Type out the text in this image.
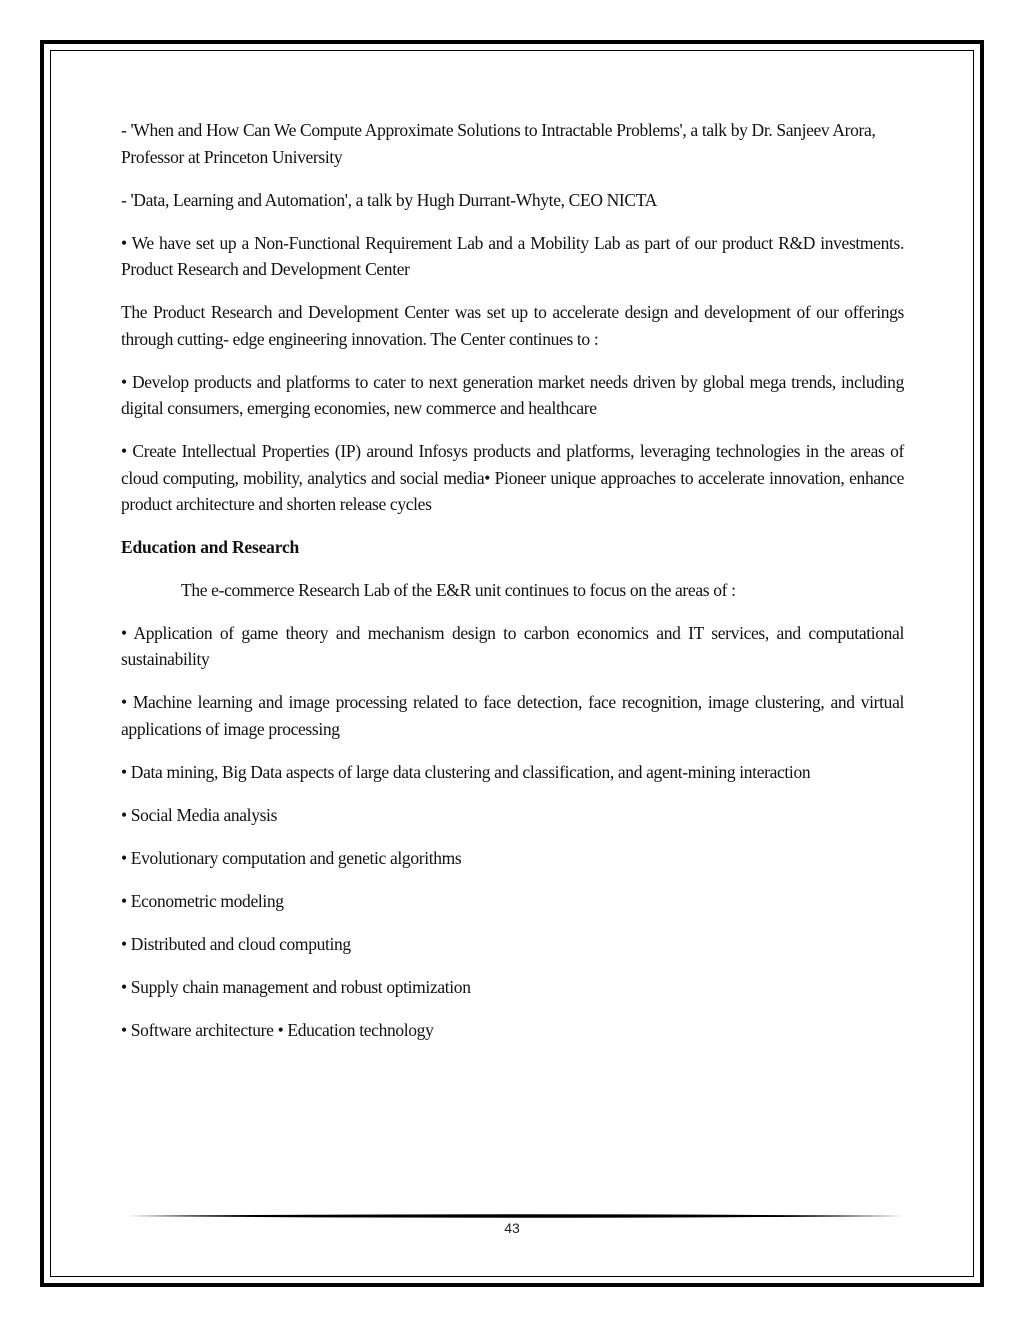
- 'When and How Can We Compute Approximate Solutions to Intractable Problems', a talk by Dr. Sanjeev Arora, Professor at Princeton University

- 'Data, Learning and Automation', a talk by Hugh Durrant-Whyte, CEO NICTA

• We have set up a Non-Functional Requirement Lab and a Mobility Lab as part of our product R&D investments. Product Research and Development Center

The Product Research and Development Center was set up to accelerate design and development of our offerings through cutting- edge engineering innovation. The Center continues to :

• Develop products and platforms to cater to next generation market needs driven by global mega trends, including digital consumers, emerging economies, new commerce and healthcare

• Create Intellectual Properties (IP) around Infosys products and platforms, leveraging technologies in the areas of cloud computing, mobility, analytics and social media• Pioneer unique approaches to accelerate innovation, enhance product architecture and shorten release cycles

Education and Research

The e-commerce Research Lab of the E&R unit continues to focus on the areas of :

• Application of game theory and mechanism design to carbon economics and IT services, and computational sustainability

• Machine learning and image processing related to face detection, face recognition, image clustering, and virtual applications of image processing

• Data mining, Big Data aspects of large data clustering and classification, and agent-mining interaction

• Social Media analysis

• Evolutionary computation and genetic algorithms

• Econometric modeling

• Distributed and cloud computing

• Supply chain management and robust optimization

• Software architecture • Education technology

43
